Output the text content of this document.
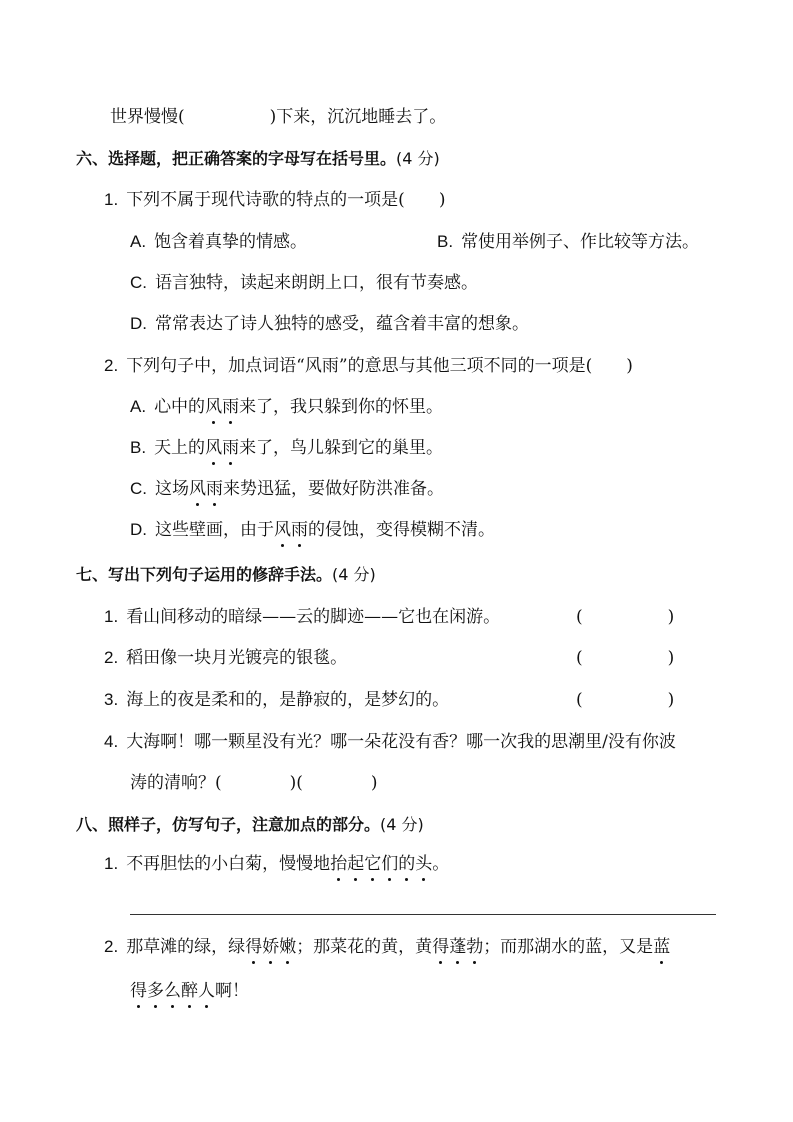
世界慢慢(　　　　　)下来，沉沉地睡去了。
六、选择题，把正确答案的字母写在括号里。(4 分)
1. 下列不属于现代诗歌的特点的一项是(　　)
A. 饱含着真挚的情感。	B. 常使用举例子、作比较等方法。
C. 语言独特，读起来朗朗上口，很有节奏感。
D. 常常表达了诗人独特的感受，蕴含着丰富的想象。
2. 下列句子中，加点词语“风雨”的意思与其他三项不同的一项是(　　)
A. 心中的风雨来了，我只躲到你的怀里。
B. 天上的风雨来了，鸟儿躲到它的巢里。
C. 这场风雨来势迅猛，要做好防洪准备。
D. 这些壁画，由于风雨的侵蚀，变得模糊不清。
七、写出下列句子运用的修辞手法。(4 分)
1. 看山间移动的暗绿——云的脚迹——它也在闲游。	(　　　　　)
2. 稻田像一块月光镀亮的银毯。	(　　　　　)
3. 海上的夜是柔和的，是静寂的，是梦幻的。	(　　　　　)
4. 大海啊！哪一颗星没有光？哪一朵花没有香？哪一次我的思潮里/没有你波
涛的清响？(　　　　)(　　　　)
八、照样子，仿写句子，注意加点的部分。(4 分)
1. 不再胆怯的小白菊，慢慢地抬起它们的头。
2. 那草滩的绿，绿得娇嫩；那菜花的黄，黄得蓬勃；而那湖水的蓝，又是蓝
得多么醉人啊！
